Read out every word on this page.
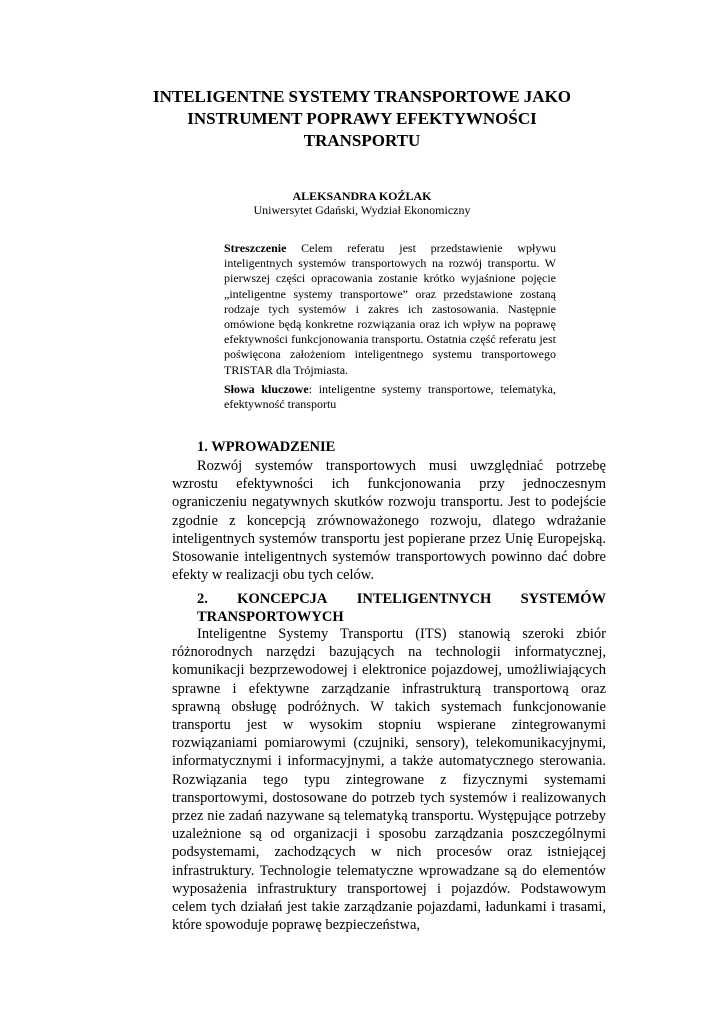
INTELIGENTNE SYSTEMY TRANSPORTOWE JAKO
INSTRUMENT POPRAWY EFEKTYWNOŚCI
TRANSPORTU
ALEKSANDRA KOŹLAK
Uniwersytet Gdański, Wydział Ekonomiczny
Streszczenie Celem referatu jest przedstawienie wpływu inteligentnych systemów transportowych na rozwój transportu. W pierwszej części opracowania zostanie krótko wyjaśnione pojęcie „inteligentne systemy transportowe” oraz przedstawione zostaną rodzaje tych systemów i zakres ich zastosowania. Następnie omówione będą konkretne rozwiązania oraz ich wpływ na poprawę efektywności funkcjonowania transportu. Ostatnia część referatu jest poświęcona założeniom inteligentnego systemu transportowego TRISTAR dla Trójmiasta.
Słowa kluczowe: inteligentne systemy transportowe, telematyka, efektywność transportu
1. WPROWADZENIE
Rozwój systemów transportowych musi uwzględniać potrzebę wzrostu efektywności ich funkcjonowania przy jednoczesnym ograniczeniu negatywnych skutków rozwoju transportu. Jest to podejście zgodnie z koncepcją zrównoważonego rozwoju, dlatego wdrażanie inteligentnych systemów transportu jest popierane przez Unię Europejską. Stosowanie inteligentnych systemów transportowych powinno dać dobre efekty w realizacji obu tych celów.
2. KONCEPCJA INTELIGENTNYCH SYSTEMÓW
TRANSPORTOWYCH
Inteligentne Systemy Transportu (ITS) stanowią szeroki zbiór różnorodnych narzędzi bazujących na technologii informatycznej, komunikacji bezprzewodowej i elektronice pojazdowej, umożliwiających sprawne i efektywne zarządzanie infrastrukturą transportową oraz sprawną obsługę podróżnych. W takich systemach funkcjonowanie transportu jest w wysokim stopniu wspierane zintegrowanymi rozwiązaniami pomiarowymi (czujniki, sensory), telekomunikacyjnymi, informatycznymi i informacyjnymi, a także automatycznego sterowania. Rozwiązania tego typu zintegrowane z fizycznymi systemami transportowymi, dostosowane do potrzeb tych systemów i realizowanych przez nie zadań nazywane są telematyką transportu. Występujące potrzeby uzależnione są od organizacji i sposobu zarządzania poszczególnymi podsystemami, zachodzących w nich procesów oraz istniejącej infrastruktury. Technologie telematyczne wprowadzane są do elementów wyposażenia infrastruktury transportowej i pojazdów. Podstawowym celem tych działań jest takie zarządzanie pojazdami, ładunkami i trasami, które spowoduje poprawę bezpieczeństwa,
